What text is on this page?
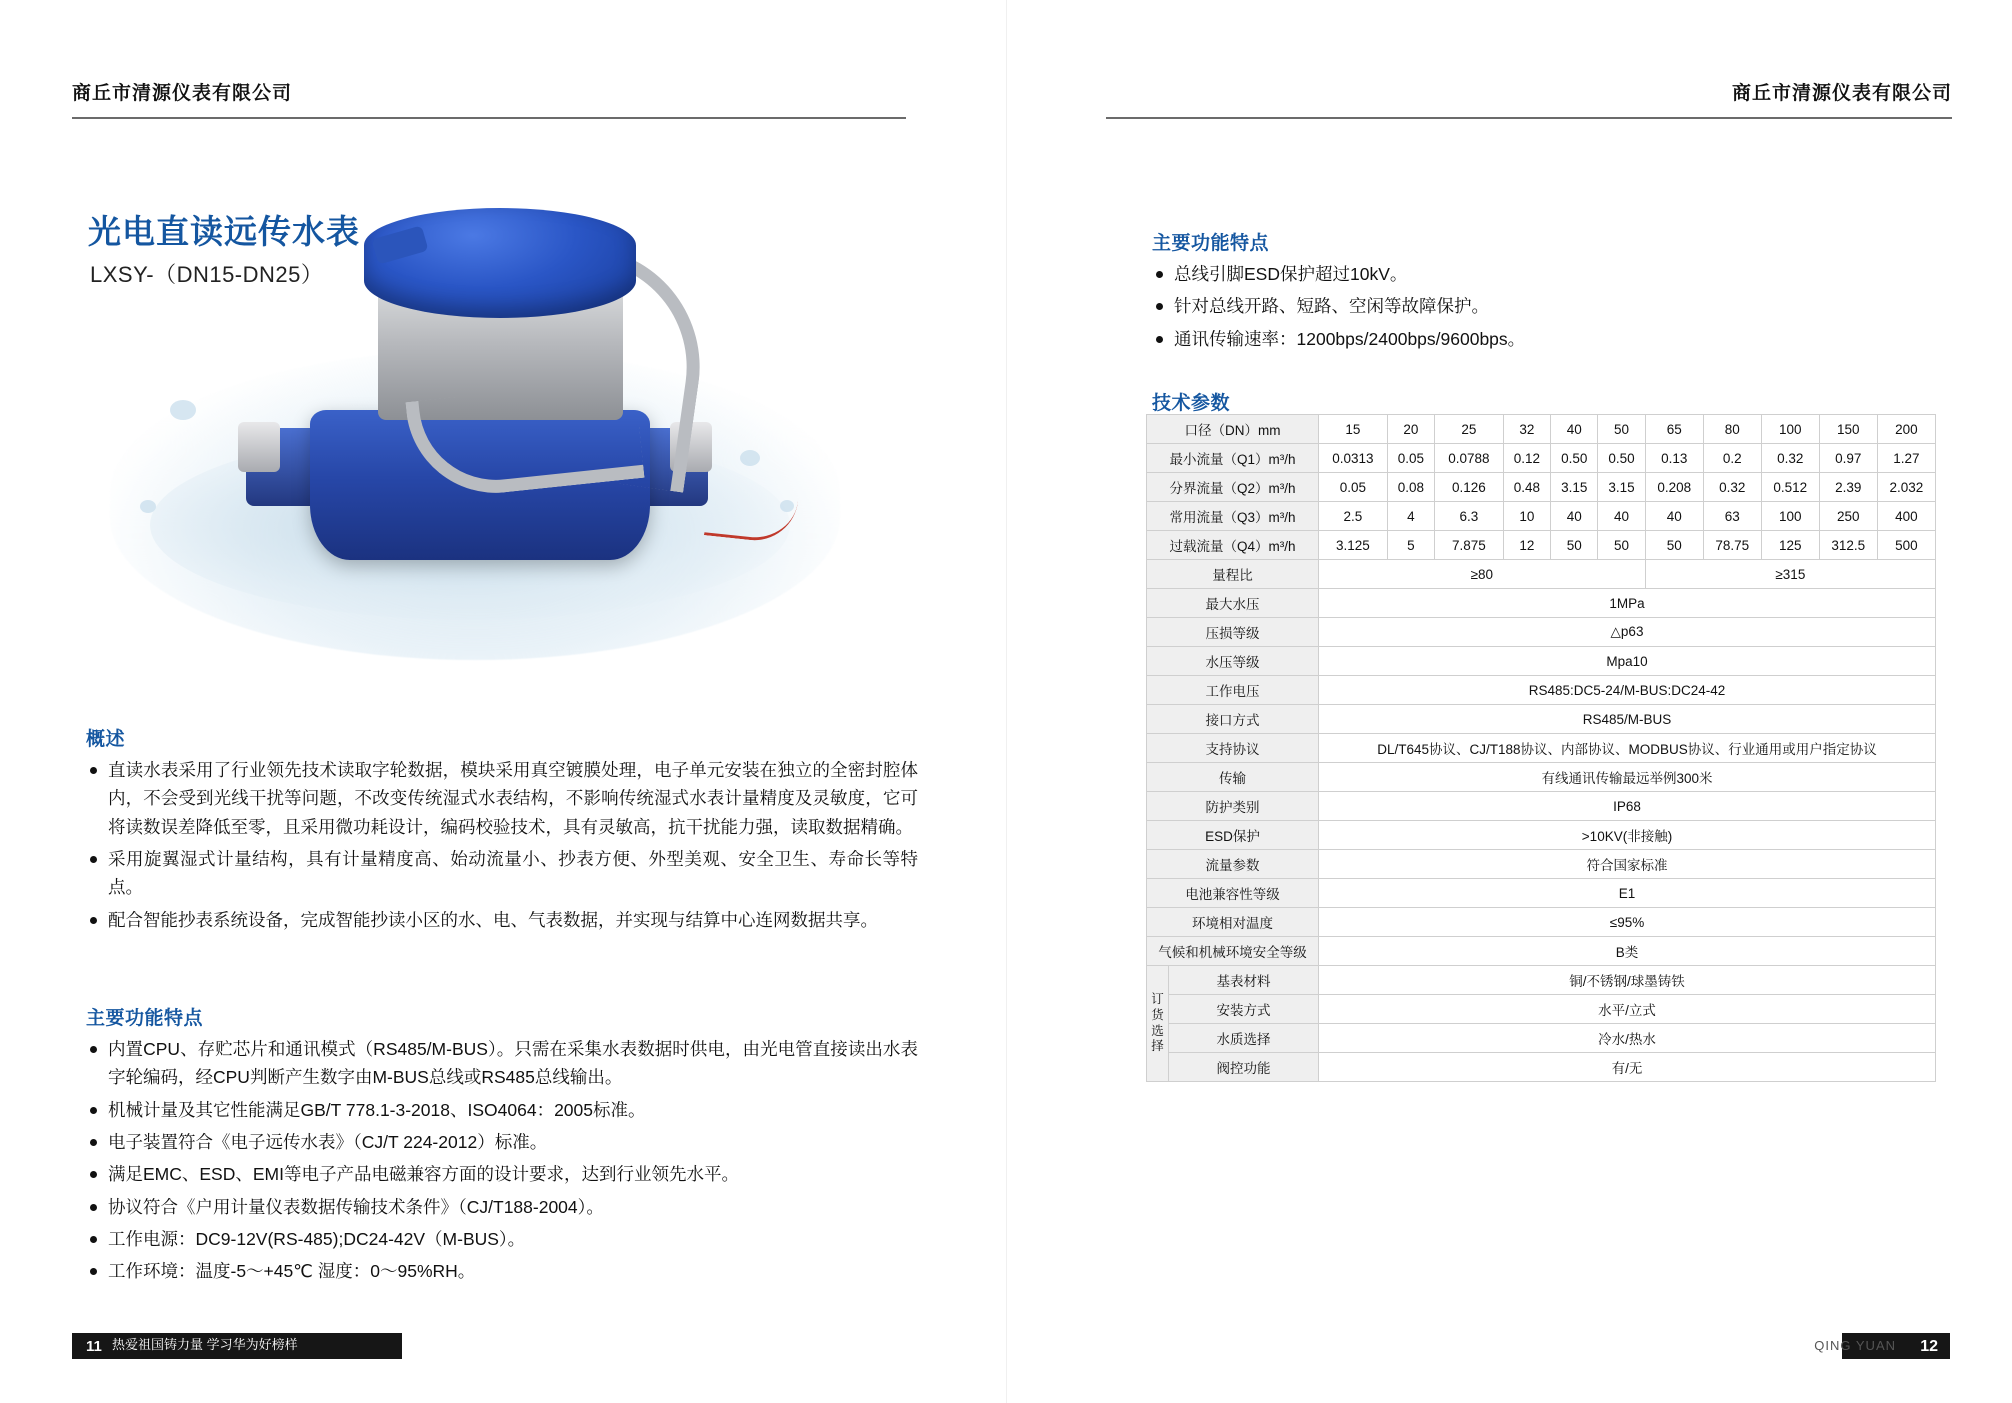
商丘市清源仪表有限公司
光电直读远传水表
LXSY-（DN15-DN25）
概述
直读水表采用了行业领先技术读取字轮数据，模块采用真空镀膜处理，电子单元安装在独立的全密封腔体内，不会受到光线干扰等问题，不改变传统湿式水表结构，不影响传统湿式水表计量精度及灵敏度，它可将读数误差降低至零，且采用微功耗设计，编码校验技术，具有灵敏高，抗干扰能力强，读取数据精确。
采用旋翼湿式计量结构，具有计量精度高、始动流量小、抄表方便、外型美观、安全卫生、寿命长等特点。
配合智能抄表系统设备，完成智能抄读小区的水、电、气表数据，并实现与结算中心连网数据共享。
主要功能特点
内置CPU、存贮芯片和通讯模式（RS485/M-BUS）。只需在采集水表数据时供电，由光电管直接读出水表字轮编码，经CPU判断产生数字由M-BUS总线或RS485总线输出。
机械计量及其它性能满足GB/T 778.1-3-2018、ISO4064：2005标准。
电子装置符合《电子远传水表》（CJ/T 224-2012）标准。
满足EMC、ESD、EMI等电子产品电磁兼容方面的设计要求，达到行业领先水平。
协议符合《户用计量仪表数据传输技术条件》（CJ/T188-2004）。
工作电源：DC9-12V(RS-485);DC24-42V（M-BUS）。
工作环境：温度-5～+45℃ 湿度：0～95%RH。
11 热爱祖国铸力量 学习华为好榜样
商丘市清源仪表有限公司
主要功能特点
总线引脚ESD保护超过10kV。
针对总线开路、短路、空闲等故障保护。
通讯传输速率：1200bps/2400bps/9600bps。
技术参数
口径（DN）mm		15	20	25	32	40	50	65	80	100	150	200
最小流量（Q1）m³/h		0.0313	0.05	0.0788	0.12	0.50	0.50	0.13	0.2	0.32	0.97	1.27
分界流量（Q2）m³/h		0.05	0.08	0.126	0.48	3.15	3.15	0.208	0.32	0.512	2.39	2.032
常用流量（Q3）m³/h		2.5	4	6.3	10	40	40	40	63	100	250	400
过载流量（Q4）m³/h		3.125	5	7.875	12	50	50	50	78.75	125	312.5	500
量程比		≥80						≥315				
最大水压		1MPa										
压损等级		△p63										
水压等级		Mpa10										
工作电压		RS485:DC5-24/M-BUS:DC24-42										
接口方式		RS485/M-BUS										
支持协议		DL/T645协议、CJ/T188协议、内部协议、MODBUS协议、行业通用或用户指定协议										
传输		有线通讯传输最远举例300米										
防护类别		IP68										
ESD保护		>10KV(非接触)										
流量参数		符合国家标准										
电池兼容性等级		E1										
环境相对温度		≤95%										
气候和机械环境安全等级		B类										
订货选择	基表材料	铜/不锈钢/球墨铸铁										
	安装方式	水平/立式										
	水质选择	冷水/热水										
	阀控功能	有/无										
QING YUAN 12
